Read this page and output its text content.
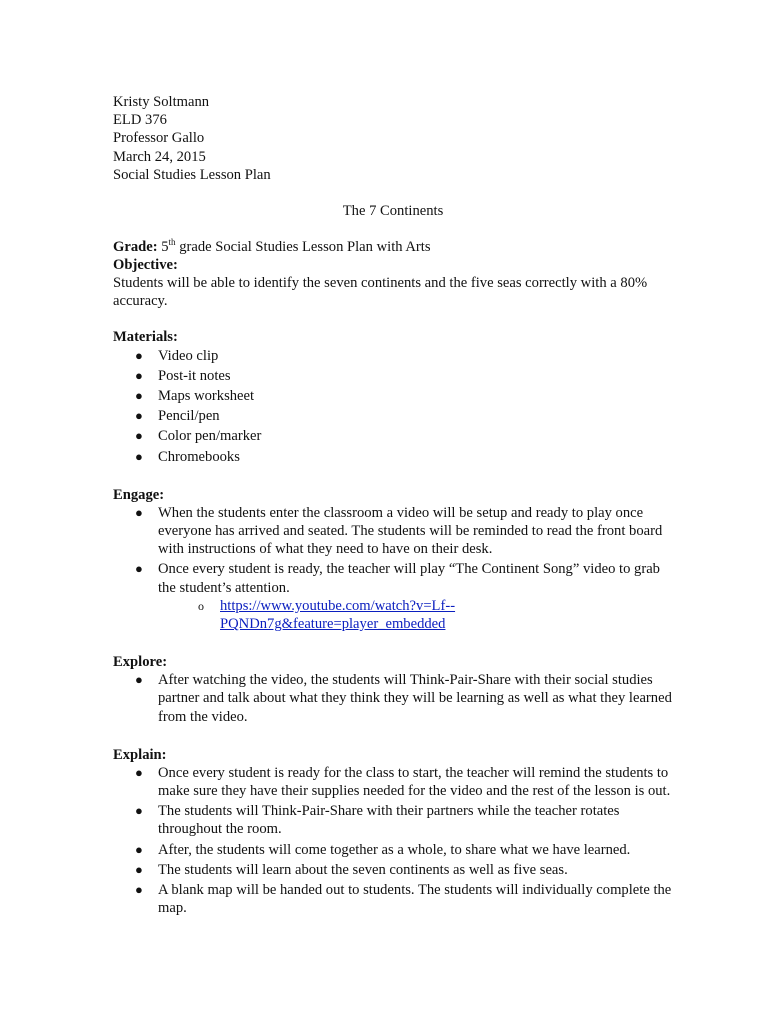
Kristy Soltmann

ELD 376

Professor Gallo

March 24, 2015

Social Studies Lesson Plan

The 7 Continents

Grade: 5th grade Social Studies Lesson Plan with Arts

Objective:

Students will be able to identify the seven continents and the five seas correctly with a 80% accuracy.

Materials:

● Video clip
● Post-it notes
● Maps worksheet
● Pencil/pen
● Color pen/marker
● Chromebooks

Engage:

● When the students enter the classroom a video will be setup and ready to play once everyone has arrived and seated. The students will be reminded to read the front board with instructions of what they need to have on their desk.
● Once every student is ready, the teacher will play “The Continent Song” video to grab the student’s attention.
o https://www.youtube.com/watch?v=Lf--PQNDn7g&feature=player_embedded

Explore:

● After watching the video, the students will Think-Pair-Share with their social studies partner and talk about what they think they will be learning as well as what they learned from the video.

Explain:

● Once every student is ready for the class to start, the teacher will remind the students to make sure they have their supplies needed for the video and the rest of the lesson is out.
● The students will Think-Pair-Share with their partners while the teacher rotates throughout the room.
● After, the students will come together as a whole, to share what we have learned.
● The students will learn about the seven continents as well as five seas.
● A blank map will be handed out to students. The students will individually complete the map.
